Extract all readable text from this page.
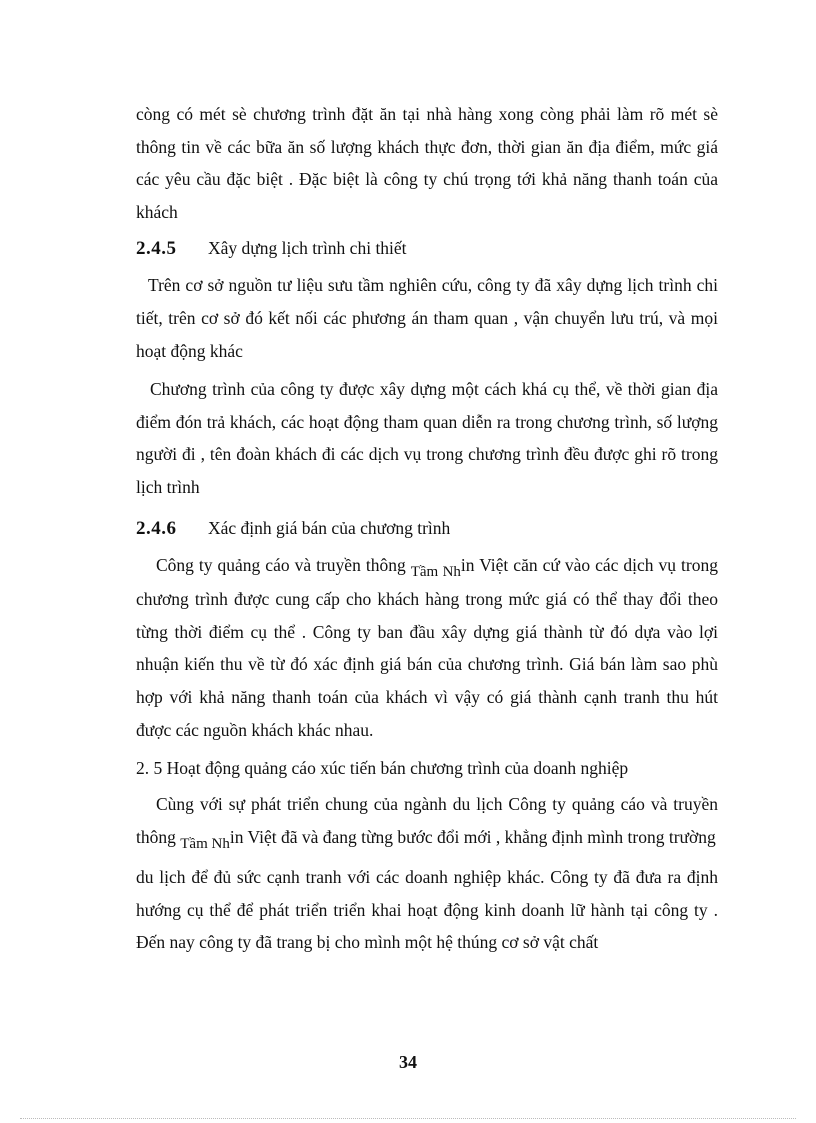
còng có mét sè chương trình đặt ăn tại nhà hàng xong còng phải làm rõ mét sè thông tin về các bữa ăn số lượng khách thực đơn, thời gian ăn địa điểm, mức giá các yêu cầu đặc biệt . Đặc biệt là công ty chú trọng tới khả năng thanh toán của khách

2.4.5	Xây dựng lịch trình chi thiết

Trên cơ sở nguồn tư liệu sưu tầm nghiên cứu, công ty đã xây dựng lịch trình chi tiết, trên cơ sở đó kết nối các phương án tham quan , vận chuyển lưu trú, và mọi hoạt động khác

Chương trình của công ty được xây dựng một cách khá cụ thể, về thời gian địa điểm đón trả khách, các hoạt động tham quan diễn ra trong chương trình, số lượng người đi , tên đoàn khách đi các dịch vụ trong chương trình đều được ghi rõ trong lịch trình

2.4.6	Xác định giá bán của chương trình

Công ty quảng cáo và truyền thông Tầm Nhin Việt căn cứ vào các dịch vụ trong chương trình được cung cấp cho khách hàng trong mức giá có thể thay đổi theo từng thời điểm cụ thể . Công ty ban đầu xây dựng giá thành từ đó dựa vào lợi nhuận kiến thu về từ đó xác định giá bán của chương trình. Giá bán làm sao phù hợp với khả năng thanh toán của khách vì vậy có giá thành cạnh tranh thu hút được các nguồn khách khác nhau.

2. 5 Hoạt động quảng cáo xúc tiến bán chương trình của doanh nghiệp

Cùng với sự phát triển chung của ngành du lịch Công ty quảng cáo và truyền thông Tầm Nhin Việt đã và đang từng bước đổi mới , khẳng định mình trong trường

du lịch để đủ sức cạnh tranh với các doanh nghiệp khác. Công ty đã đưa ra định hướng cụ thể để phát triển triển khai hoạt động kinh doanh lữ hành tại công ty . Đến nay công ty đã trang bị cho mình một hệ thúng cơ sở vật chất

34
